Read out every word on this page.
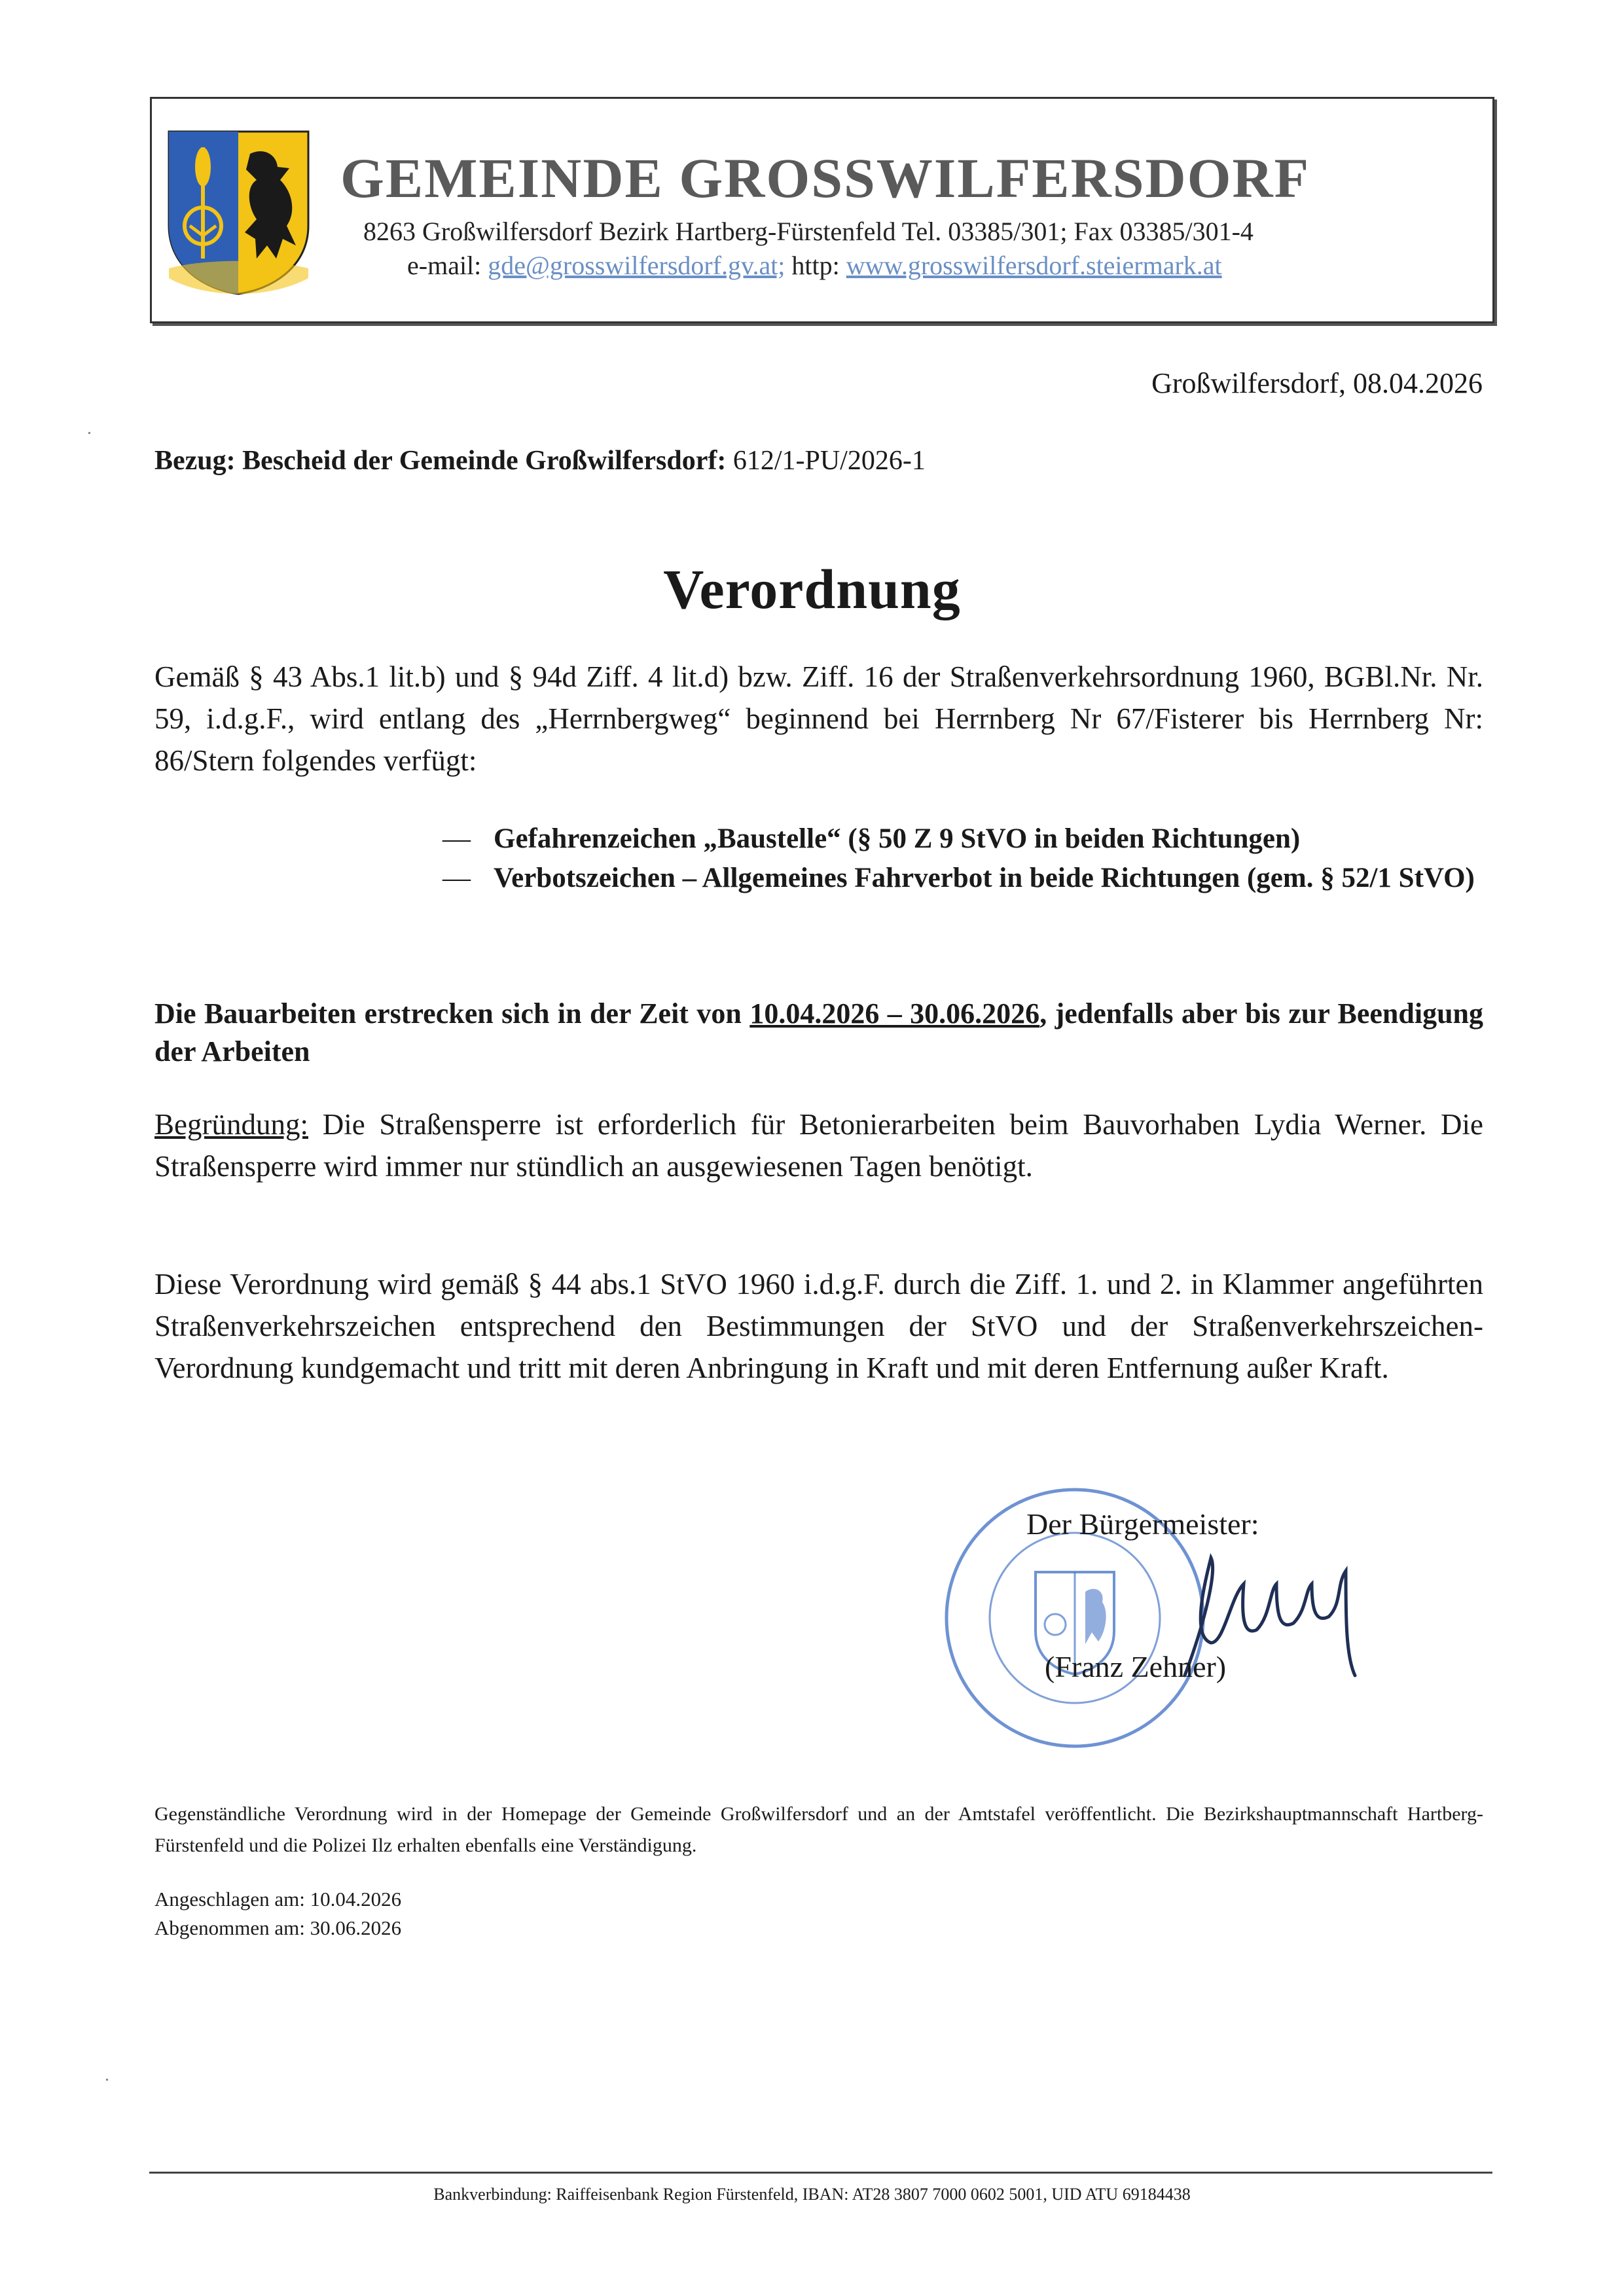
GEMEINDE GROSSWILFERSDORF
8263 Großwilfersdorf Bezirk Hartberg-Fürstenfeld Tel. 03385/301; Fax 03385/301-4
e-mail: gde@grosswilfersdorf.gv.at; http: www.grosswilfersdorf.steiermark.at
Großwilfersdorf, 08.04.2026
Bezug: Bescheid der Gemeinde Großwilfersdorf: 612/1-PU/2026-1
Verordnung
Gemäß § 43 Abs.1 lit.b) und § 94d Ziff. 4 lit.d) bzw. Ziff. 16 der Straßenverkehrsordnung 1960, BGBl.Nr. Nr. 59, i.d.g.F., wird entlang des „Herrnbergweg“ beginnend bei Herrnberg Nr 67/Fisterer bis Herrnberg Nr: 86/Stern folgendes verfügt:
— Gefahrenzeichen „Baustelle“ (§ 50 Z 9 StVO in beiden Richtungen)
— Verbotszeichen – Allgemeines Fahrverbot in beide Richtungen (gem. § 52/1 StVO)
Die Bauarbeiten erstrecken sich in der Zeit von 10.04.2026 – 30.06.2026, jedenfalls aber bis zur Beendigung der Arbeiten
Begründung: Die Straßensperre ist erforderlich für Betonierarbeiten beim Bauvorhaben Lydia Werner. Die Straßensperre wird immer nur stündlich an ausgewiesenen Tagen benötigt.
Diese Verordnung wird gemäß § 44 abs.1 StVO 1960 i.d.g.F. durch die Ziff. 1. und 2. in Klammer angeführten Straßenverkehrszeichen entsprechend den Bestimmungen der StVO und der Straßenverkehrszeichen-Verordnung kundgemacht und tritt mit deren Anbringung in Kraft und mit deren Entfernung außer Kraft.
Der Bürgermeister:
(Franz Zehner)
Gegenständliche Verordnung wird in der Homepage der Gemeinde Großwilfersdorf und an der Amtstafel veröffentlicht. Die Bezirkshauptmannschaft Hartberg-Fürstenfeld und die Polizei Ilz erhalten ebenfalls eine Verständigung.
Angeschlagen am: 10.04.2026
Abgenommen am: 30.06.2026
Bankverbindung: Raiffeisenbank Region Fürstenfeld, IBAN: AT28 3807 7000 0602 5001, UID ATU 69184438
